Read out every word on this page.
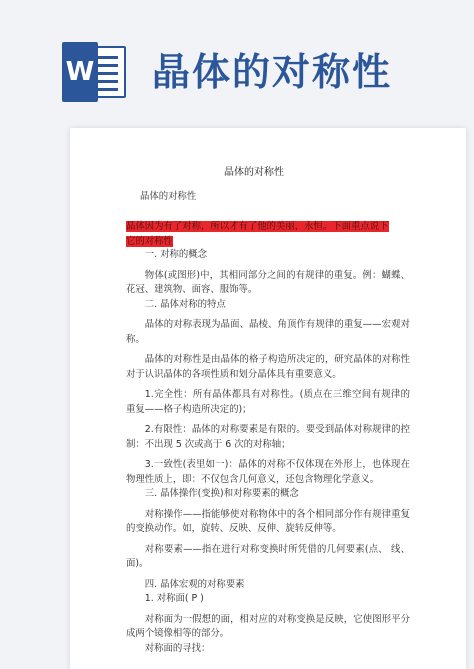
W 晶体的对称性

晶体的对称性

晶体的对称性

晶体因为有了对称，所以才有了他的美丽，永恒。下面重点说下
它的对称性

一. 对称的概念

物体(或图形)中，其相同部分之间的有规律的重复。例：蝴蝶、花冠、建筑物、面容、服饰等。

二. 晶体对称的特点

晶体的对称表现为晶面、晶棱、角顶作有规律的重复——宏观对称。

晶体的对称性是由晶体的格子构造所决定的，研究晶体的对称性对于认识晶体的各项性质和划分晶体具有重要意义。

1.完全性：所有晶体都具有对称性。(质点在三维空间有规律的重复——格子构造所决定的)；

2.有限性：晶体的对称要素是有限的。要受到晶体对称规律的控制：不出现 5 次或高于 6 次的对称轴；

3.一致性(表里如一)：晶体的对称不仅体现在外形上，也体现在物理性质上，即：不仅包含几何意义，还包含物理化学意义。

三. 晶体操作(变换)和对称要素的概念

对称操作——指能够使对称物体中的各个相同部分作有规律重复的变换动作。如，旋转、反映、反伸、旋转反伸等。

对称要素——指在进行对称变换时所凭借的几何要素(点、 线、面)。

四. 晶体宏观的对称要素

1. 对称面( P )

对称面为一假想的面，相对应的对称变换是反映，它使图形平分成两个镜像相等的部分。

对称面的寻找：
